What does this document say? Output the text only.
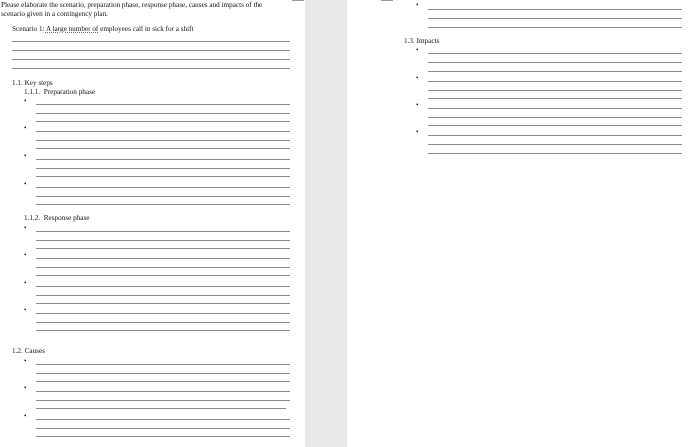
Please elaborate the scenario, preparation phase, response phase, causes and impacts of the
scenario given in a contingency plan.
Scenario 1: A large number of employees call in sick for a shift
1.1. Key steps
1.1.1. Preparation phase
•
•
•
•
1.1.2. Response phase
•
•
•
•
1.2. Causes
•
•
•
•
1.3. Impacts
•
•
•
•
